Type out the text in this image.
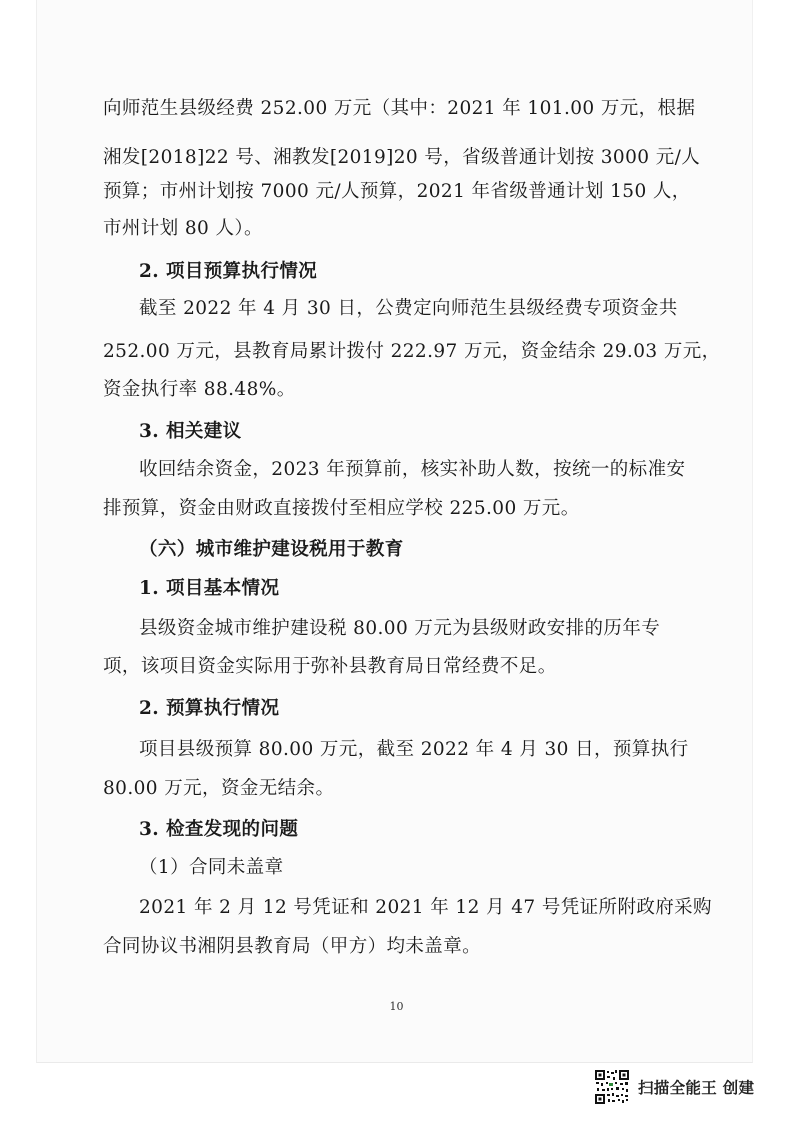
向师范生县级经费 252.00 万元（其中：2021 年 101.00 万元，根据

湘发[2018]22 号、湘教发[2019]20 号，省级普通计划按 3000 元/人

预算；市州计划按 7000 元/人预算，2021 年省级普通计划 150 人，

市州计划 80 人）。

2. 项目预算执行情况

截至 2022 年 4 月 30 日，公费定向师范生县级经费专项资金共

252.00 万元，县教育局累计拨付 222.97 万元，资金结余 29.03 万元，

资金执行率 88.48%。

3. 相关建议

收回结余资金，2023 年预算前，核实补助人数，按统一的标准安

排预算，资金由财政直接拨付至相应学校 225.00 万元。

（六）城市维护建设税用于教育

1. 项目基本情况

县级资金城市维护建设税 80.00 万元为县级财政安排的历年专

项，该项目资金实际用于弥补县教育局日常经费不足。

2. 预算执行情况

项目县级预算 80.00 万元，截至 2022 年 4 月 30 日，预算执行

80.00 万元，资金无结余。

3. 检查发现的问题

（1）合同未盖章

2021 年 2 月 12 号凭证和 2021 年 12 月 47 号凭证所附政府采购

合同协议书湘阴县教育局（甲方）均未盖章。

10
扫描全能王 创建
